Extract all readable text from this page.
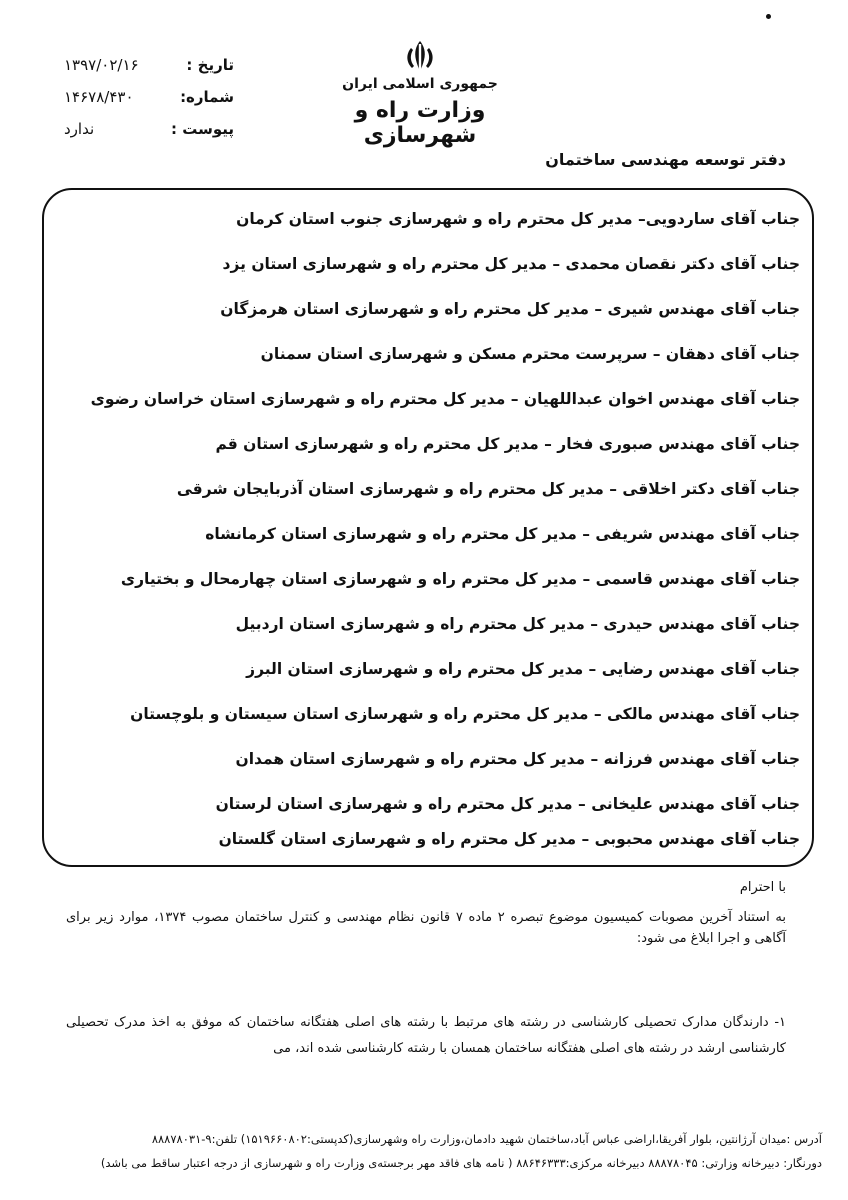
جمهوری اسلامی ایران
وزارت راه و شهرسازی
تاریخ :
۱۳۹۷/۰۲/۱۶
شماره:
۱۴۶۷۸/۴۳۰
پیوست :
ندارد
دفتر توسعه مهندسی ساختمان
جناب آقای ساردویی– مدیر کل محترم راه و شهرسازی جنوب استان کرمان
جناب آقای دکتر نقصان محمدی – مدیر کل محترم راه و شهرسازی استان یزد
جناب آقای مهندس شیری – مدیر کل محترم راه و شهرسازی استان هرمزگان
جناب آقای دهقان – سرپرست محترم مسکن و شهرسازی استان سمنان
جناب آقای مهندس اخوان عبداللهیان – مدیر کل محترم راه و شهرسازی استان خراسان رضوی
جناب آقای مهندس صبوری فخار – مدیر کل محترم راه و شهرسازی استان قم
جناب آقای دکتر اخلاقی – مدیر کل محترم راه و شهرسازی استان آذربایجان شرقی
جناب آقای مهندس شریفی – مدیر کل محترم راه و شهرسازی استان کرمانشاه
جناب آقای مهندس قاسمی – مدیر کل محترم راه و شهرسازی استان چهارمحال و بختیاری
جناب آقای مهندس حیدری – مدیر کل محترم راه و شهرسازی استان اردبیل
جناب آقای مهندس رضایی – مدیر کل محترم راه و شهرسازی استان البرز
جناب آقای مهندس مالکی – مدیر کل محترم راه و شهرسازی استان سیستان و بلوچستان
جناب آقای مهندس فرزانه – مدیر کل محترم راه و شهرسازی استان همدان
جناب آقای مهندس علیخانی – مدیر کل محترم راه و شهرسازی استان لرستان
جناب آقای مهندس محبوبی – مدیر کل محترم راه و شهرسازی استان گلستان
با احترام
به استناد آخرین مصوبات کمیسیون موضوع تبصره ۲ ماده ۷ قانون نظام مهندسی و کنترل ساختمان مصوب ۱۳۷۴، موارد زیر برای آگاهی و اجرا ابلاغ می شود:
۱- دارندگان مدارک تحصیلی کارشناسی در رشته های مرتبط با رشته های اصلی هفتگانه ساختمان که موفق به اخذ مدرک تحصیلی کارشناسی ارشد در رشته های اصلی هفتگانه ساختمان همسان با رشته کارشناسی شده اند، می
آدرس :میدان آرژانتین، بلوار آفریقا،اراضی عباس آباد،ساختمان شهید دادمان،وزارت راه وشهرسازی(کدپستی:۱۵۱۹۶۶۰۸۰۲) تلفن:۹-۸۸۸۷۸۰۳۱
دورنگار: دبیرخانه وزارتی: ۸۸۸۷۸۰۴۵ دبیرخانه مرکزی:۸۸۶۴۶۳۳۳ ( نامه های فاقد مهر برجسته‌ی وزارت راه و شهرسازی از درجه اعتبار ساقط می باشد)
